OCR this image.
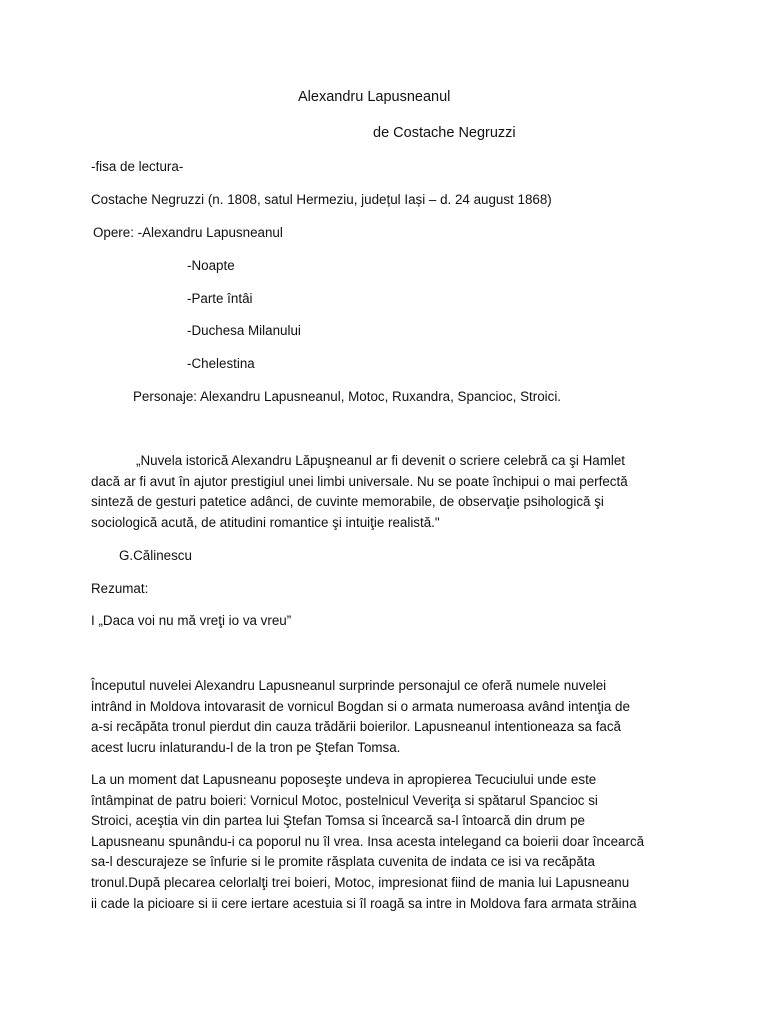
Alexandru Lapusneanul
de Costache Negruzzi
-fisa de lectura-
Costache Negruzzi (n. 1808, satul Hermeziu, județul Iași – d. 24 august 1868)
Opere: -Alexandru Lapusneanul
-Noapte
-Parte întâi
-Duchesa Milanului
-Chelestina
Personaje: Alexandru Lapusneanul, Motoc, Ruxandra, Spancioc, Stroici.
„Nuvela istorică Alexandru Lăpuşneanul ar fi devenit o scriere celebră ca şi Hamlet
dacă ar fi avut în ajutor prestigiul unei limbi universale. Nu se poate închipui o mai perfectă
sinteză de gesturi patetice adânci, de cuvinte memorabile, de observaţie psihologică şi
sociologică acută, de atitudini romantice şi intuiţie realistă."
G.Călinescu
Rezumat:
I „Daca voi nu mă vreţi io va vreu”
Începutul nuvelei Alexandru Lapusneanul surprinde personajul ce oferă numele nuvelei
intrând in Moldova intovarasit de vornicul Bogdan si o armata numeroasa având intenţia de
a-si recăpăta tronul pierdut din cauza trădării boierilor. Lapusneanul intentioneaza sa facă
acest lucru inlaturandu-l de la tron pe Ştefan Tomsa.
La un moment dat Lapusneanu poposeşte undeva in apropierea Tecuciului unde este
întâmpinat de patru boieri: Vornicul Motoc, postelnicul Veveriţa si spătarul Spancioc si
Stroici, aceştia vin din partea lui Ştefan Tomsa si încearcă sa-l întoarcă din drum pe
Lapusneanu spunându-i ca poporul nu îl vrea. Insa acesta intelegand ca boierii doar încearcă
sa-l descurajeze se înfurie si le promite răsplata cuvenita de indata ce isi va recăpăta
tronul.După plecarea celorlalţi trei boieri, Motoc, impresionat fiind de mania lui Lapusneanu
ii cade la picioare si ii cere iertare acestuia si îl roagă sa intre in Moldova fara armata străina
